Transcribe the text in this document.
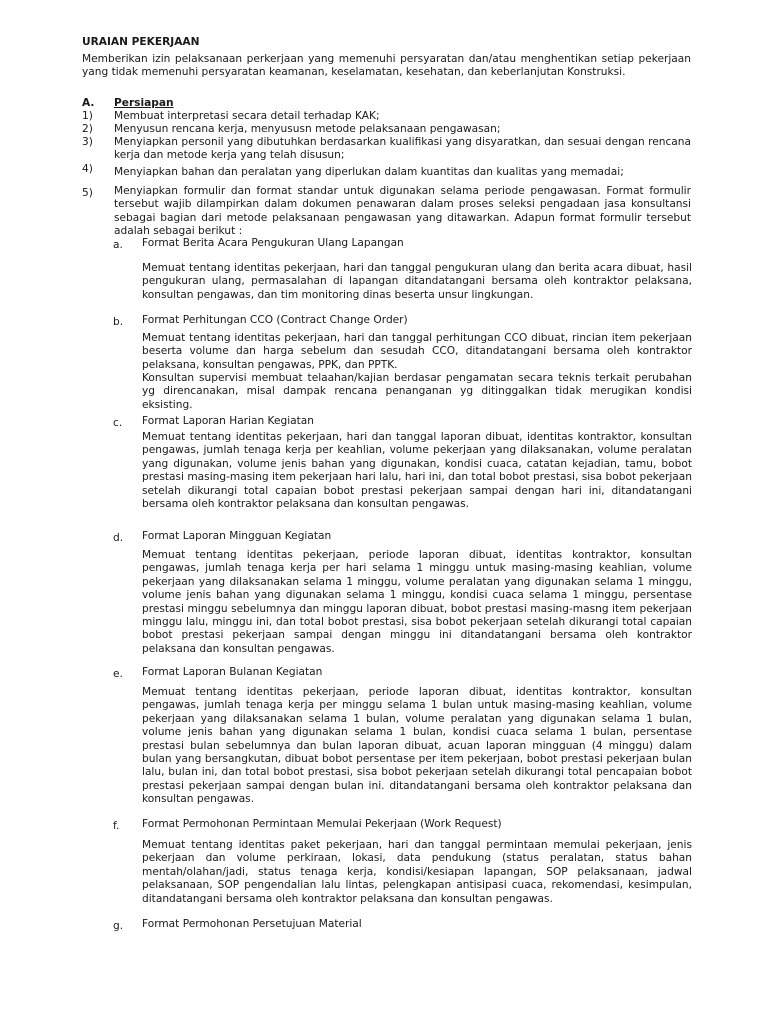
URAIAN PEKERJAAN
Memberikan izin pelaksanaan perkerjaan yang memenuhi persyaratan dan/atau menghentikan setiap pekerjaan yang tidak memenuhi persyaratan keamanan, keselamatan, kesehatan, dan keberlanjutan Konstruksi.
A. Persiapan
1) Membuat interpretasi secara detail terhadap KAK;
2) Menyusun rencana kerja, menyususn metode pelaksanaan pengawasan;
3) Menyiapkan personil yang dibutuhkan berdasarkan kualifikasi yang disyaratkan, dan sesuai dengan rencana kerja dan metode kerja yang telah disusun;
4) Menyiapkan bahan dan peralatan yang diperlukan dalam kuantitas dan kualitas yang memadai;
5) Menyiapkan formulir dan format standar untuk digunakan selama periode pengawasan. Format formulir tersebut wajib dilampirkan dalam dokumen penawaran dalam proses seleksi pengadaan jasa konsultansi sebagai bagian dari metode pelaksanaan pengawasan yang ditawarkan. Adapun format formulir tersebut adalah sebagai berikut :
a. Format Berita Acara Pengukuran Ulang Lapangan
Memuat tentang identitas pekerjaan, hari dan tanggal pengukuran ulang dan berita acara dibuat, hasil pengukuran ulang, permasalahan di lapangan ditandatangani bersama oleh kontraktor pelaksana, konsultan pengawas, dan tim monitoring dinas beserta unsur lingkungan.
b. Format Perhitungan CCO (Contract Change Order)
Memuat tentang identitas pekerjaan, hari dan tanggal perhitungan CCO dibuat, rincian item pekerjaan beserta volume dan harga sebelum dan sesudah CCO, ditandatangani bersama oleh kontraktor pelaksana, konsultan pengawas, PPK, dan PPTK.
Konsultan supervisi membuat telaahan/kajian berdasar pengamatan secara teknis terkait perubahan yg direncanakan, misal dampak rencana penanganan yg ditinggalkan tidak merugikan kondisi eksisting.
c. Format Laporan Harian Kegiatan
Memuat tentang identitas pekerjaan, hari dan tanggal laporan dibuat, identitas kontraktor, konsultan pengawas, jumlah tenaga kerja per keahlian, volume pekerjaan yang dilaksanakan, volume peralatan yang digunakan, volume jenis bahan yang digunakan, kondisi cuaca, catatan kejadian, tamu, bobot prestasi masing-masing item pekerjaan hari lalu, hari ini, dan total bobot prestasi, sisa bobot pekerjaan setelah dikurangi total capaian bobot prestasi pekerjaan sampai dengan hari ini, ditandatangani bersama oleh kontraktor pelaksana dan konsultan pengawas.
d. Format Laporan Mingguan Kegiatan
Memuat tentang identitas pekerjaan, periode laporan dibuat, identitas kontraktor, konsultan pengawas, jumlah tenaga kerja per hari selama 1 minggu untuk masing-masing keahlian, volume pekerjaan yang dilaksanakan selama 1 minggu, volume peralatan yang digunakan selama 1 minggu, volume jenis bahan yang digunakan selama 1 minggu, kondisi cuaca selama 1 minggu, persentase prestasi minggu sebelumnya dan minggu laporan dibuat, bobot prestasi masing-masng item pekerjaan minggu lalu, minggu ini, dan total bobot prestasi, sisa bobot pekerjaan setelah dikurangi total capaian bobot prestasi pekerjaan sampai dengan minggu ini ditandatangani bersama oleh kontraktor pelaksana dan konsultan pengawas.
e. Format Laporan Bulanan Kegiatan
Memuat tentang identitas pekerjaan, periode laporan dibuat, identitas kontraktor, konsultan pengawas, jumlah tenaga kerja per minggu selama 1 bulan untuk masing-masing keahlian, volume pekerjaan yang dilaksanakan selama 1 bulan, volume peralatan yang digunakan selama 1 bulan, volume jenis bahan yang digunakan selama 1 bulan, kondisi cuaca selama 1 bulan, persentase prestasi bulan sebelumnya dan bulan laporan dibuat, acuan laporan mingguan (4 minggu) dalam bulan yang bersangkutan, dibuat bobot persentase per item pekerjaan, bobot prestasi pekerjaan bulan lalu, bulan ini, dan total bobot prestasi, sisa bobot pekerjaan setelah dikurangi total pencapaian bobot prestasi pekerjaan sampai dengan bulan ini. ditandatangani bersama oleh kontraktor pelaksana dan konsultan pengawas.
f. Format Permohonan Permintaan Memulai Pekerjaan (Work Request)
Memuat tentang identitas paket pekerjaan, hari dan tanggal permintaan memulai pekerjaan, jenis pekerjaan dan volume perkiraan, lokasi, data pendukung (status peralatan, status bahan mentah/olahan/jadi, status tenaga kerja, kondisi/kesiapan lapangan, SOP pelaksanaan, jadwal pelaksanaan, SOP pengendalian lalu lintas, pelengkapan antisipasi cuaca, rekomendasi, kesimpulan, ditandatangani bersama oleh kontraktor pelaksana dan konsultan pengawas.
g. Format Permohonan Persetujuan Material
